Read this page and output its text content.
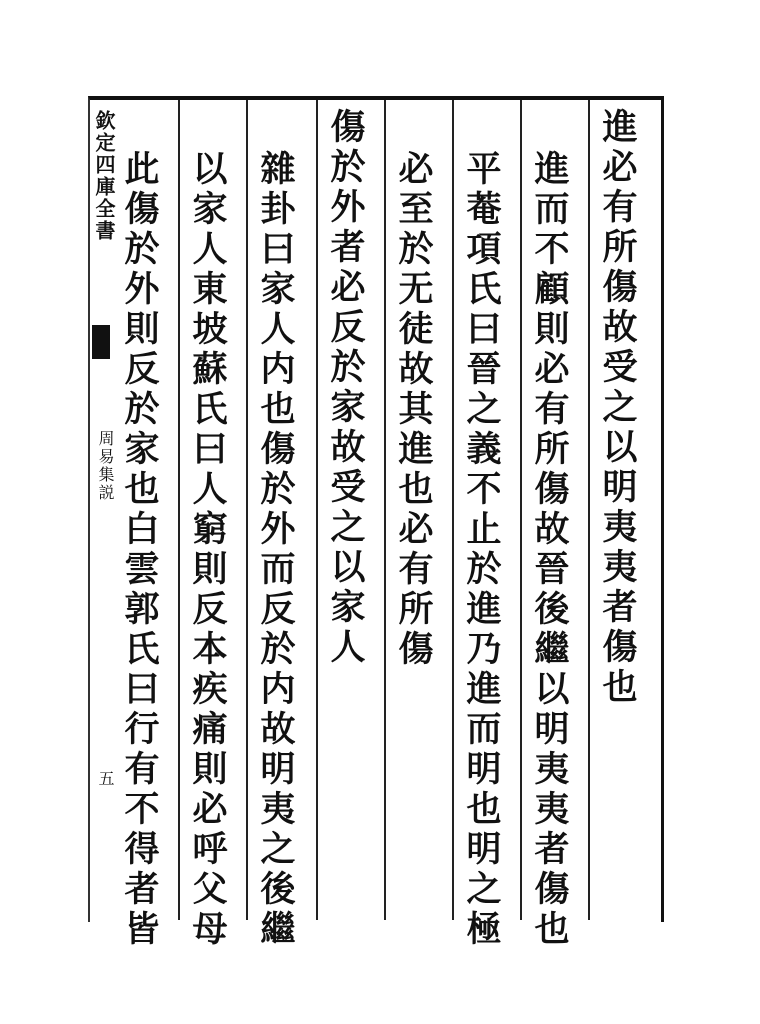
欽定四庫全書
周易集説
五
進必有所傷故受之以明夷夷者傷也
進而不顧則必有所傷故晉後繼以明夷夷者傷也
平菴項氏曰晉之義不止於進乃進而明也明之極
必至於无徒故其進也必有所傷
傷於外者必反於家故受之以家人
雜卦曰家人内也傷於外而反於内故明夷之後繼
以家人東坡蘇氏曰人窮則反本疾痛則必呼父母
此傷於外則反於家也白雲郭氏曰行有不得者皆
